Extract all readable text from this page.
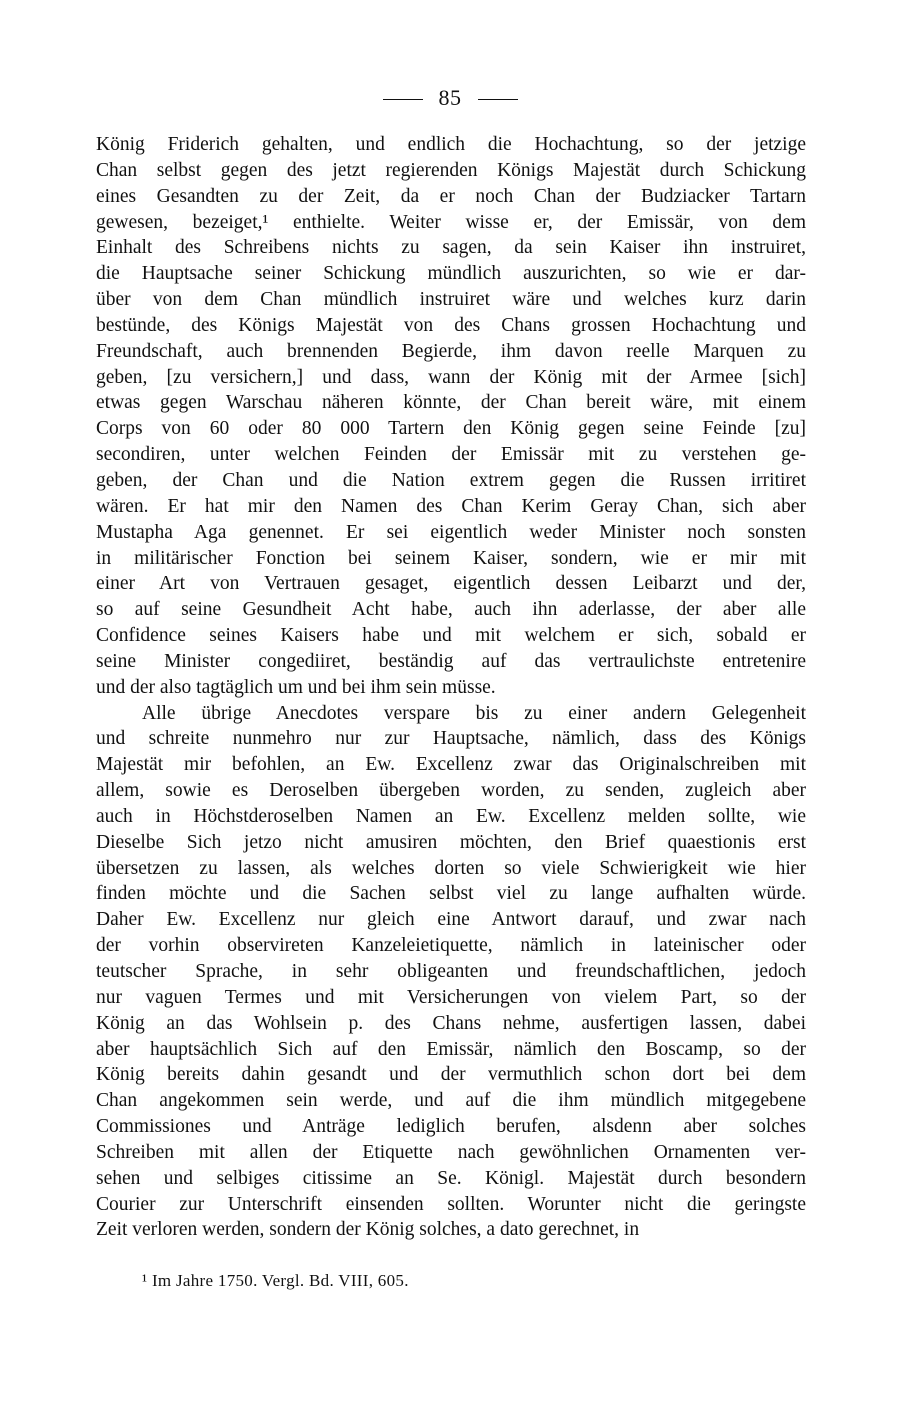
85
König Friderich gehalten, und endlich die Hochachtung, so der jetzige
Chan selbst gegen des jetzt regierenden Königs Majestät durch Schickung
eines Gesandten zu der Zeit, da er noch Chan der Budziacker Tartarn
gewesen, bezeiget,¹ enthielte. Weiter wisse er, der Emissär, von dem
Einhalt des Schreibens nichts zu sagen, da sein Kaiser ihn instruiret,
die Hauptsache seiner Schickung mündlich auszurichten, so wie er dar-
über von dem Chan mündlich instruiret wäre und welches kurz darin
bestünde, des Königs Majestät von des Chans grossen Hochachtung und
Freundschaft, auch brennenden Begierde, ihm davon reelle Marquen zu
geben, [zu versichern,] und dass, wann der König mit der Armee [sich]
etwas gegen Warschau näheren könnte, der Chan bereit wäre, mit einem
Corps von 60 oder 80 000 Tartern den König gegen seine Feinde [zu]
secondiren, unter welchen Feinden der Emissär mit zu verstehen ge-
geben, der Chan und die Nation extrem gegen die Russen irritiret
wären. Er hat mir den Namen des Chan Kerim Geray Chan, sich aber
Mustapha Aga genennet. Er sei eigentlich weder Minister noch sonsten
in militärischer Fonction bei seinem Kaiser, sondern, wie er mir mit
einer Art von Vertrauen gesaget, eigentlich dessen Leibarzt und der,
so auf seine Gesundheit Acht habe, auch ihn aderlasse, der aber alle
Confidence seines Kaisers habe und mit welchem er sich, sobald er
seine Minister congediiret, beständig auf das vertraulichste entretenire
und der also tagtäglich um und bei ihm sein müsse.
Alle übrige Anecdotes verspare bis zu einer andern Gelegenheit
und schreite nunmehro nur zur Hauptsache, nämlich, dass des Königs
Majestät mir befohlen, an Ew. Excellenz zwar das Originalschreiben mit
allem, sowie es Deroselben übergeben worden, zu senden, zugleich aber
auch in Höchstderoselben Namen an Ew. Excellenz melden sollte, wie
Dieselbe Sich jetzo nicht amusiren möchten, den Brief quaestionis erst
übersetzen zu lassen, als welches dorten so viele Schwierigkeit wie hier
finden möchte und die Sachen selbst viel zu lange aufhalten würde.
Daher Ew. Excellenz nur gleich eine Antwort darauf, und zwar nach
der vorhin observireten Kanzeleietiquette, nämlich in lateinischer oder
teutscher Sprache, in sehr obligeanten und freundschaftlichen, jedoch
nur vaguen Termes und mit Versicherungen von vielem Part, so der
König an das Wohlsein p. des Chans nehme, ausfertigen lassen, dabei
aber hauptsächlich Sich auf den Emissär, nämlich den Boscamp, so der
König bereits dahin gesandt und der vermuthlich schon dort bei dem
Chan angekommen sein werde, und auf die ihm mündlich mitgegebene
Commissiones und Anträge lediglich berufen, alsdenn aber solches
Schreiben mit allen der Etiquette nach gewöhnlichen Ornamenten ver-
sehen und selbiges citissime an Se. Königl. Majestät durch besondern
Courier zur Unterschrift einsenden sollten. Worunter nicht die geringste
Zeit verloren werden, sondern der König solches, a dato gerechnet, in
¹ Im Jahre 1750. Vergl. Bd. VIII, 605.
